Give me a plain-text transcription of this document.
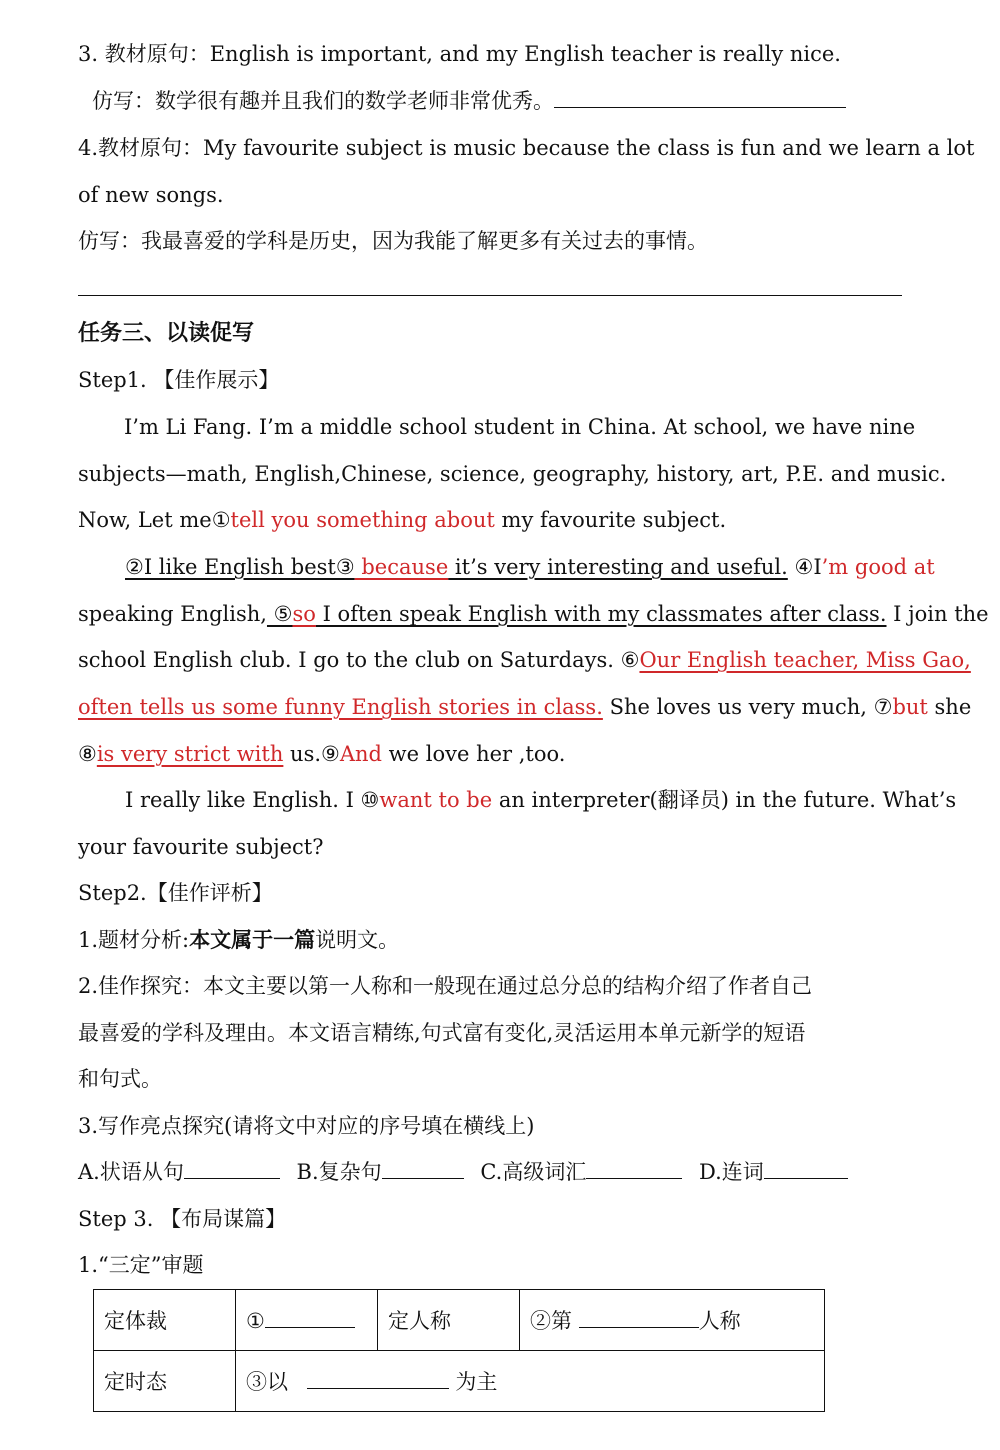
3. 教材原句：English is important, and my English teacher is really nice.
仿写：数学很有趣并且我们的数学老师非常优秀。
4.教材原句：My favourite subject is music because the class is fun and we learn a lot
of new songs.
仿写：我最喜爱的学科是历史，因为我能了解更多有关过去的事情。
任务三、以读促写
Step1. 【佳作展示】
I’m Li Fang. I’m a middle school student in China. At school, we have nine
subjects—math, English,Chinese, science, geography, history, art, P.E. and music.
Now, Let me①tell you something about my favourite subject.
②I like English best③ because it’s very interesting and useful. ④I’m good at
speaking English, ⑤so I often speak English with my classmates after class. I join the
school English club. I go to the club on Saturdays. ⑥Our English teacher, Miss Gao,
often tells us some funny English stories in class. She loves us very much, ⑦but she
⑧is very strict with us.⑨And we love her ,too.
I really like English. I ⑩want to be an interpreter(翻译员) in the future. What’s
your favourite subject?
Step2.【佳作评析】
1.题材分析:本文属于一篇说明文。
2.佳作探究：本文主要以第一人称和一般现在通过总分总的结构介绍了作者自己
最喜爱的学科及理由。本文语言精练,句式富有变化,灵活运用本单元新学的短语
和句式。
3.写作亮点探究(请将文中对应的序号填在横线上)
A.状语从句	B.复杂句	C.高级词汇	D.连词
Step 3. 【布局谋篇】
1.“三定”审题
定体裁	①	定人称	②第 人称
定时态	③以 为主		
